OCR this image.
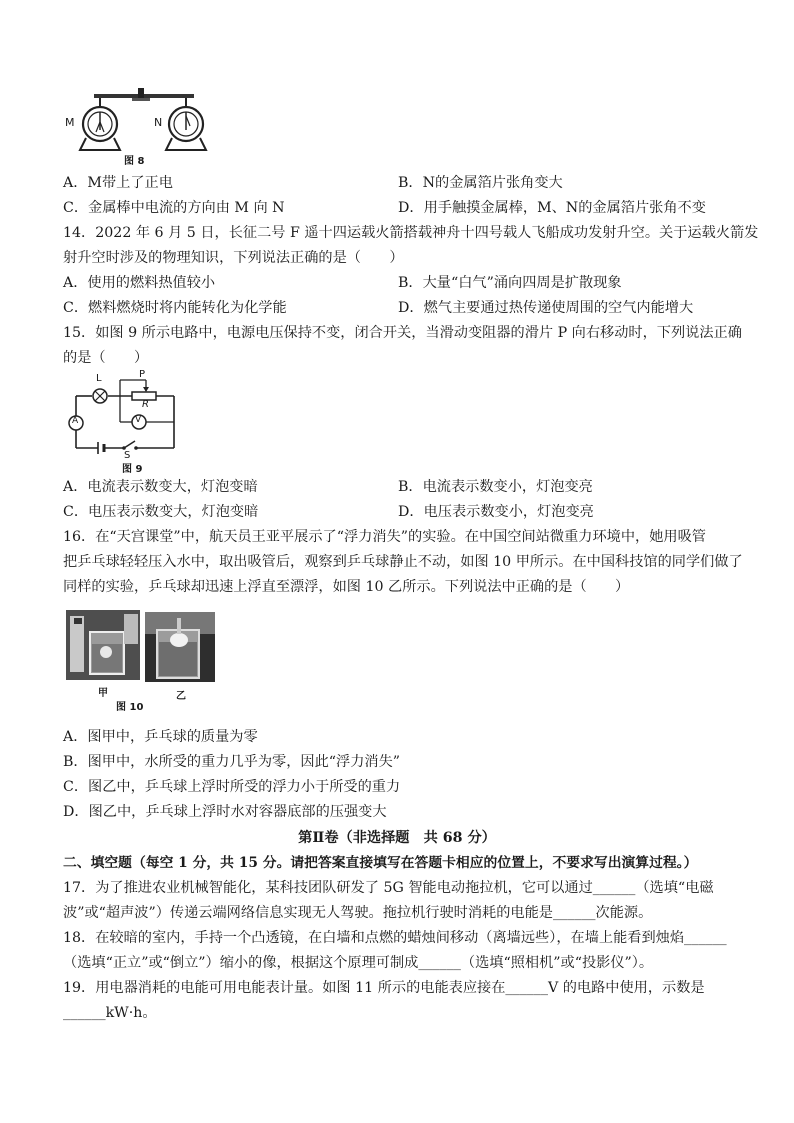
M	N
图 8
A．M带上了正电	B．N的金属箔片张角变大
C．金属棒中电流的方向由 M 向 N	D．用手触摸金属棒，M、N的金属箔片张角不变
14．2022 年 6 月 5 日，长征二号 F 遥十四运载火箭搭载神舟十四号载人飞船成功发射升空。关于运载火箭发
射升空时涉及的物理知识，下列说法正确的是（　　）
A．使用的燃料热值较小	B．大量“白气”涌向四周是扩散现象
C．燃料燃烧时将内能转化为化学能	D．燃气主要通过热传递使周围的空气内能增大
15．如图 9 所示电路中，电源电压保持不变，闭合开关，当滑动变阻器的滑片 P 向右移动时，下列说法正确
的是（　　）
L	P
R
A	V
S
图 9
A．电流表示数变大，灯泡变暗	B．电流表示数变小，灯泡变亮
C．电压表示数变大，灯泡变暗	D．电压表示数变小，灯泡变亮
16．在“天宫课堂”中，航天员王亚平展示了“浮力消失”的实验。在中国空间站微重力环境中，她用吸管
把乒乓球轻轻压入水中，取出吸管后，观察到乒乓球静止不动，如图 10 甲所示。在中国科技馆的同学们做了
同样的实验，乒乓球却迅速上浮直至漂浮，如图 10 乙所示。下列说法中正确的是（　　）
甲	乙
图 10
A．图甲中，乒乓球的质量为零
B．图甲中，水所受的重力几乎为零，因此“浮力消失”
C．图乙中，乒乓球上浮时所受的浮力小于所受的重力
D．图乙中，乒乓球上浮时水对容器底部的压强变大
第Ⅱ卷（非选择题　共 68 分）
二、填空题（每空 1 分，共 15 分。请把答案直接填写在答题卡相应的位置上，不要求写出演算过程。）
17．为了推进农业机械智能化，某科技团队研发了 5G 智能电动拖拉机，它可以通过______（选填“电磁
波”或“超声波”）传递云端网络信息实现无人驾驶。拖拉机行驶时消耗的电能是______次能源。
18．在较暗的室内，手持一个凸透镜，在白墙和点燃的蜡烛间移动（离墙远些），在墙上能看到烛焰______
（选填“正立”或“倒立”）缩小的像，根据这个原理可制成______（选填“照相机”或“投影仪”）。
19．用电器消耗的电能可用电能表计量。如图 11 所示的电能表应接在______V 的电路中使用，示数是
______kW·h。
